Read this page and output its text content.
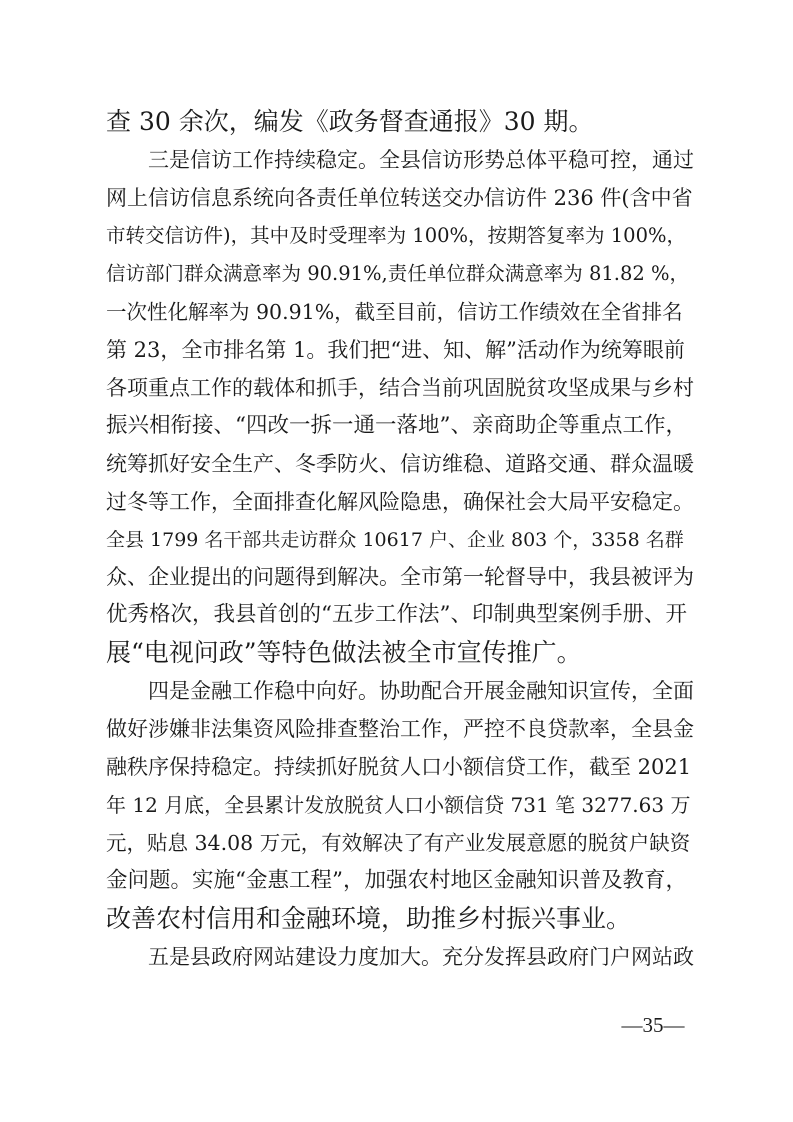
查 30 余次，编发《政务督查通报》30 期。
三是信访工作持续稳定。全县信访形势总体平稳可控，通过
网上信访信息系统向各责任单位转送交办信访件 236 件(含中省
市转交信访件)，其中及时受理率为 100%，按期答复率为 100%，
信访部门群众满意率为 90.91%,责任单位群众满意率为 81.82 %，
一次性化解率为 90.91%，截至目前，信访工作绩效在全省排名
第 23，全市排名第 1。我们把“进、知、解”活动作为统筹眼前
各项重点工作的载体和抓手，结合当前巩固脱贫攻坚成果与乡村
振兴相衔接、“四改一拆一通一落地”、亲商助企等重点工作，
统筹抓好安全生产、冬季防火、信访维稳、道路交通、群众温暖
过冬等工作，全面排查化解风险隐患，确保社会大局平安稳定。
全县 1799 名干部共走访群众 10617 户、企业 803 个，3358 名群
众、企业提出的问题得到解决。全市第一轮督导中，我县被评为
优秀格次，我县首创的“五步工作法”、印制典型案例手册、开
展“电视问政”等特色做法被全市宣传推广。
四是金融工作稳中向好。协助配合开展金融知识宣传，全面
做好涉嫌非法集资风险排查整治工作，严控不良贷款率，全县金
融秩序保持稳定。持续抓好脱贫人口小额信贷工作，截至 2021
年 12 月底，全县累计发放脱贫人口小额信贷 731 笔 3277.63 万
元，贴息 34.08 万元，有效解决了有产业发展意愿的脱贫户缺资
金问题。实施“金惠工程”，加强农村地区金融知识普及教育，
改善农村信用和金融环境，助推乡村振兴事业。
五是县政府网站建设力度加大。充分发挥县政府门户网站政
—35—
